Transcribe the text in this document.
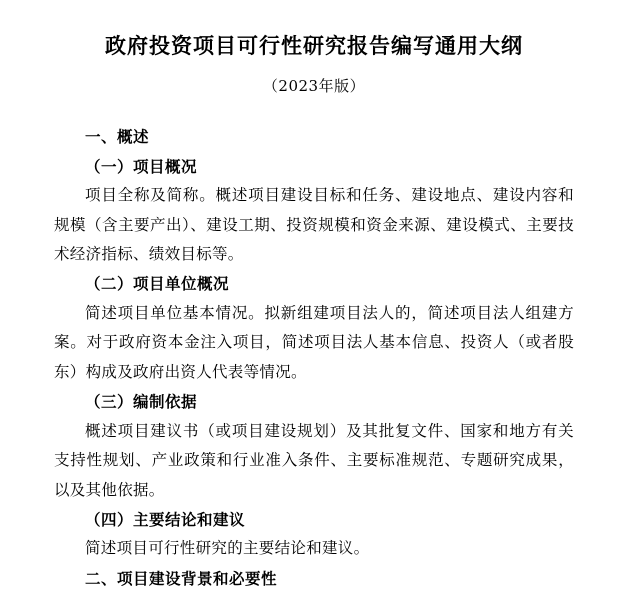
政府投资项目可行性研究报告编写通用大纲
（2023年版）
一、概述
（一）项目概况
项目全称及简称。概述项目建设目标和任务、建设地点、建设内容和规模（含主要产出）、建设工期、投资规模和资金来源、建设模式、主要技术经济指标、绩效目标等。
（二）项目单位概况
简述项目单位基本情况。拟新组建项目法人的，简述项目法人组建方案。对于政府资本金注入项目，简述项目法人基本信息、投资人（或者股东）构成及政府出资人代表等情况。
（三）编制依据
概述项目建议书（或项目建设规划）及其批复文件、国家和地方有关支持性规划、产业政策和行业准入条件、主要标准规范、专题研究成果，以及其他依据。
（四）主要结论和建议
简述项目可行性研究的主要结论和建议。
二、项目建设背景和必要性
